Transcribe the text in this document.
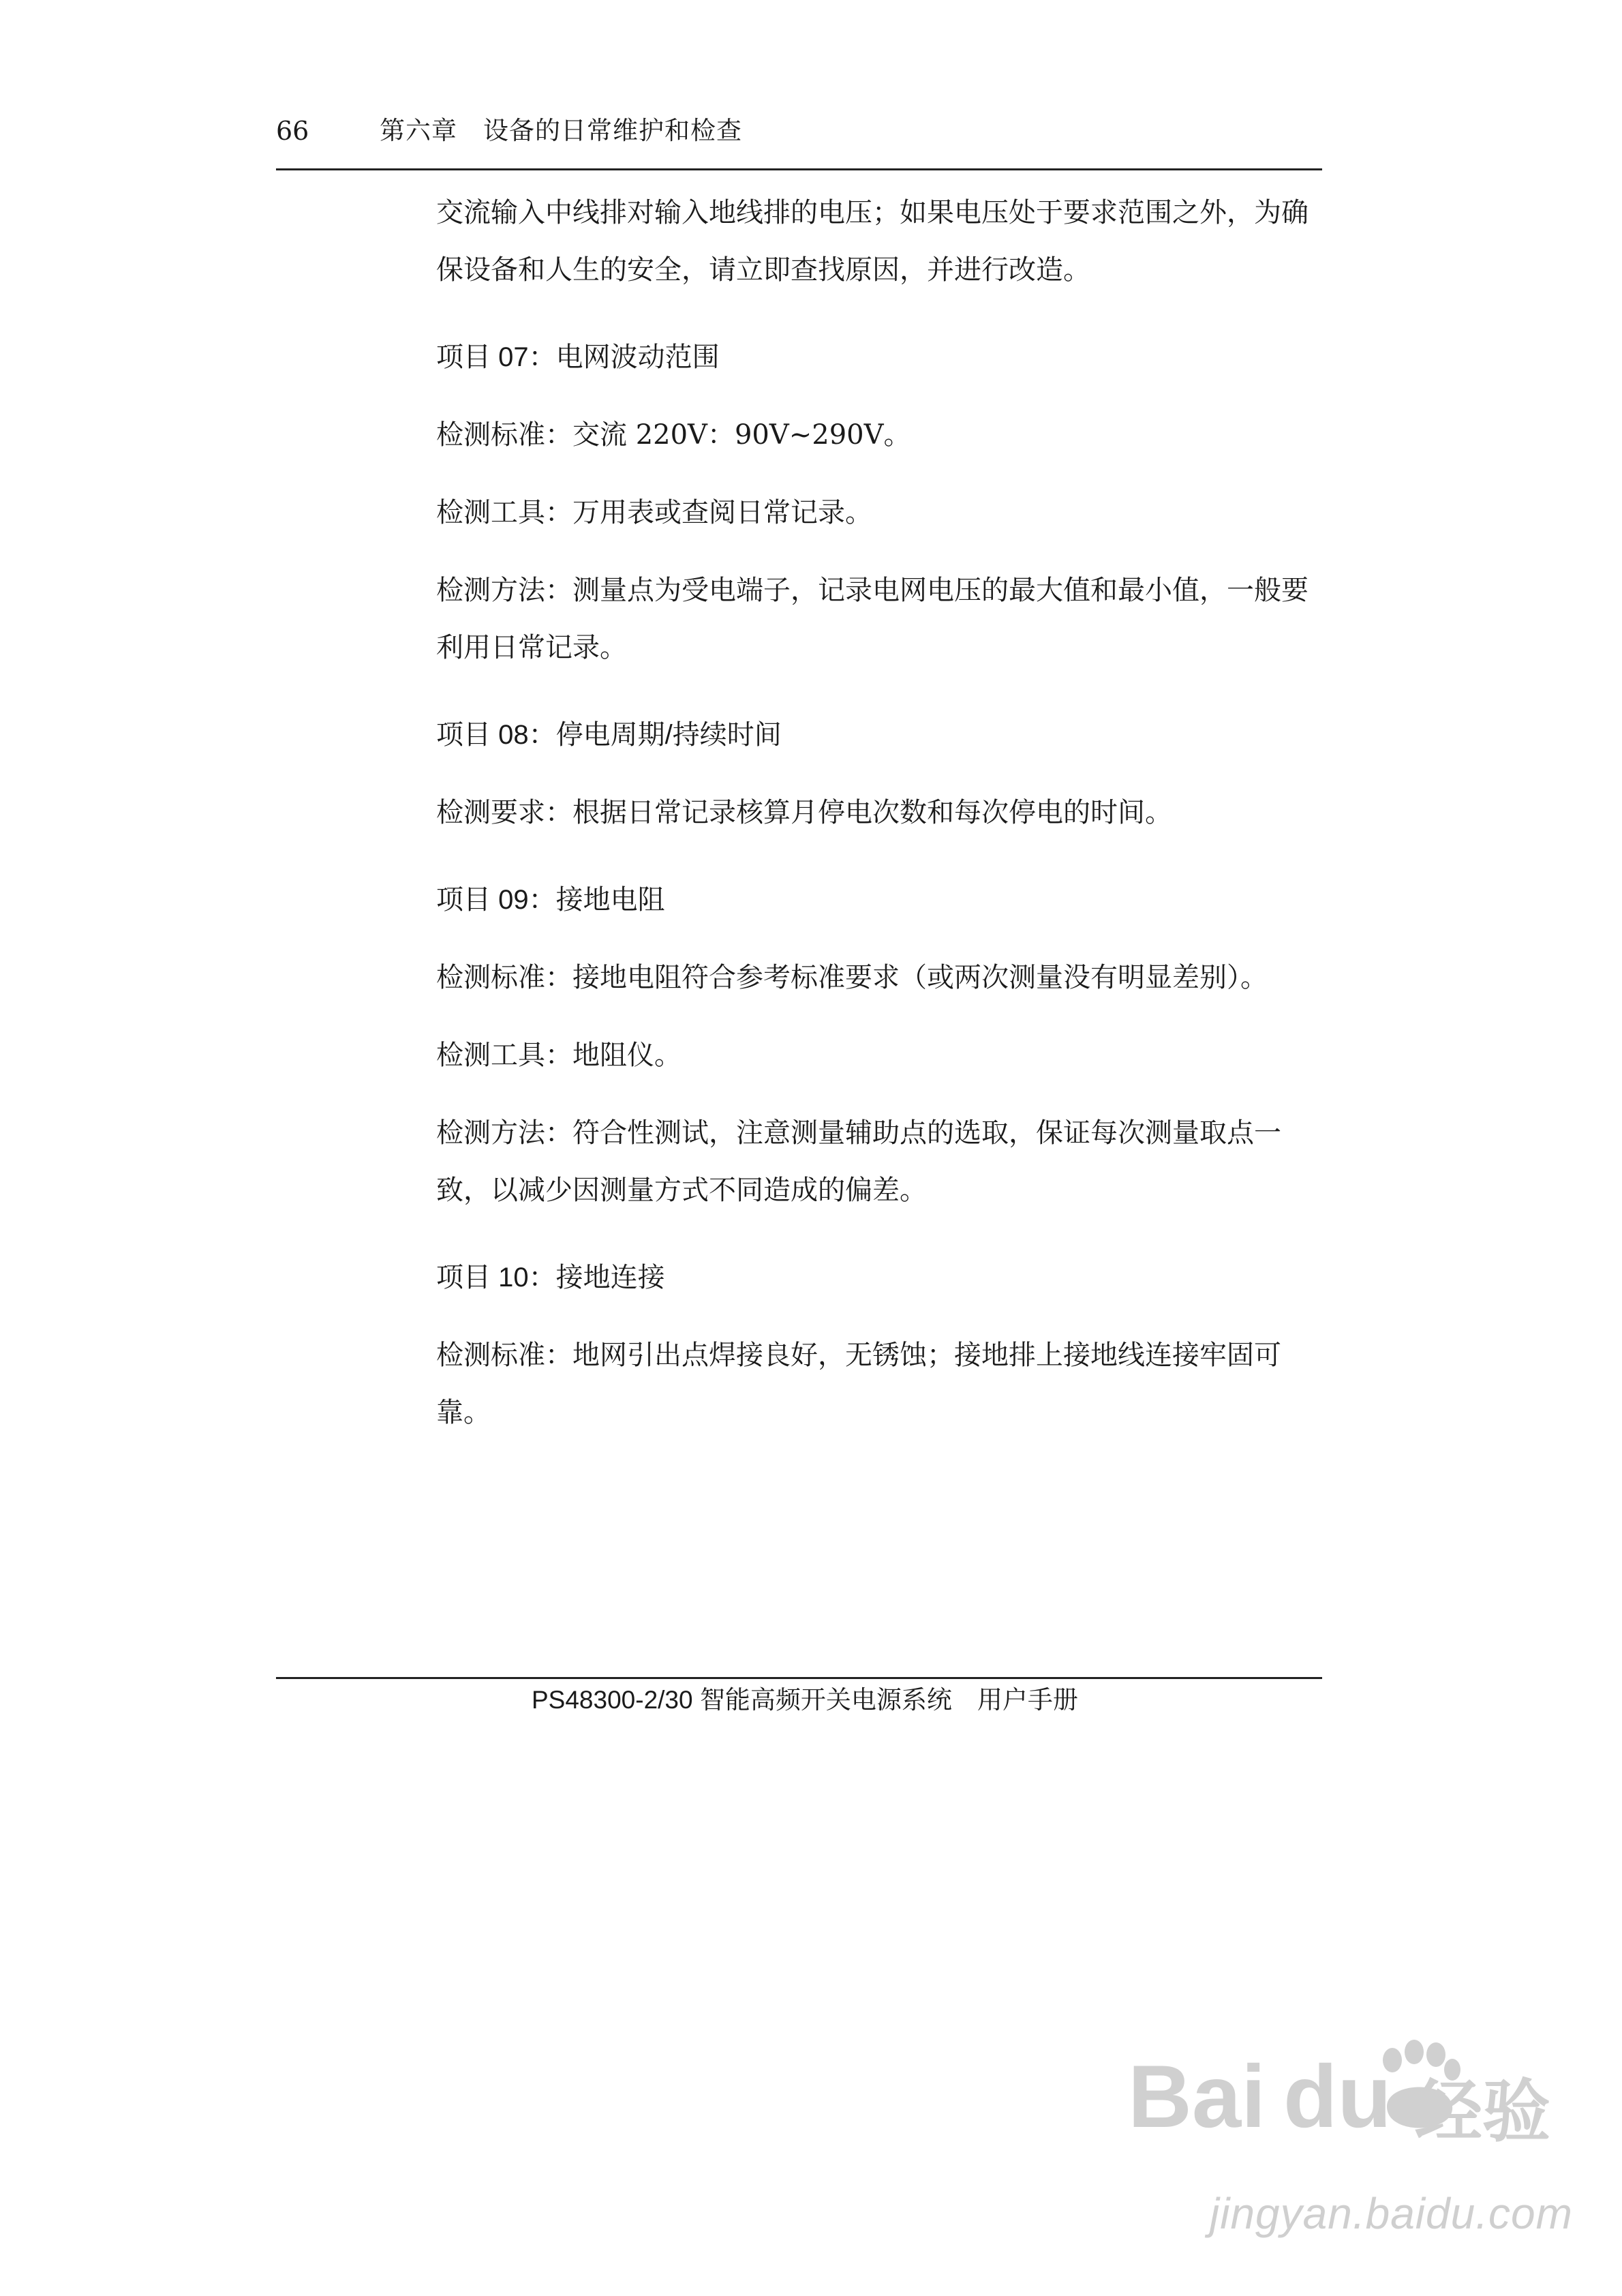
66	第六章　设备的日常维护和检查

交流输入中线排对输入地线排的电压；如果电压处于要求范围之外，为确保设备和人生的安全，请立即查找原因，并进行改造。

项目 07：电网波动范围

检测标准：交流 220V：90V~290V。

检测工具：万用表或查阅日常记录。

检测方法：测量点为受电端子，记录电网电压的最大值和最小值，一般要利用日常记录。

项目 08：停电周期/持续时间

检测要求：根据日常记录核算月停电次数和每次停电的时间。

项目 09：接地电阻

检测标准：接地电阻符合参考标准要求（或两次测量没有明显差别）。

检测工具：地阻仪。

检测方法：符合性测试，注意测量辅助点的选取，保证每次测量取点一致，以减少因测量方式不同造成的偏差。

项目 10：接地连接

检测标准：地网引出点焊接良好，无锈蚀；接地排上接地线连接牢固可靠。

PS48300-2/30 智能高频开关电源系统　用户手册
Bai du 经验
jingyan.baidu.com
